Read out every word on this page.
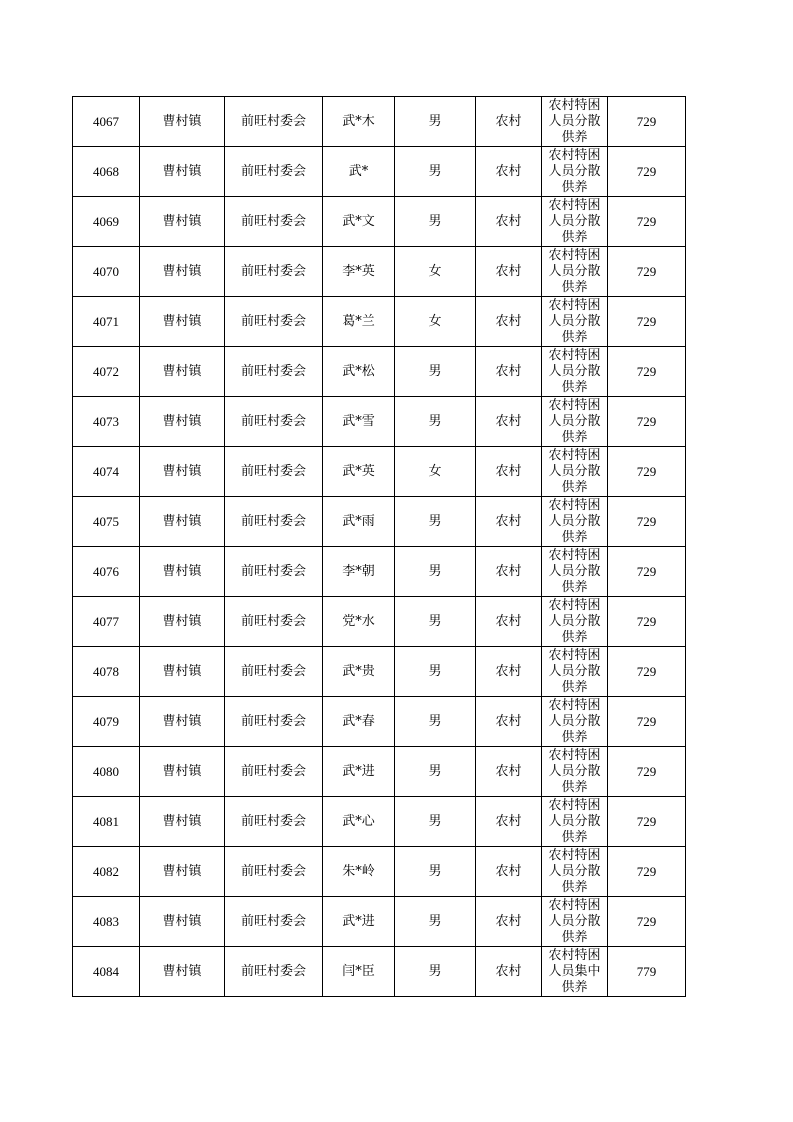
4067	曹村镇	前旺村委会	武*木	男	农村	农村特困人员分散供养	729
4068	曹村镇	前旺村委会	武*	男	农村	农村特困人员分散供养	729
4069	曹村镇	前旺村委会	武*文	男	农村	农村特困人员分散供养	729
4070	曹村镇	前旺村委会	李*英	女	农村	农村特困人员分散供养	729
4071	曹村镇	前旺村委会	葛*兰	女	农村	农村特困人员分散供养	729
4072	曹村镇	前旺村委会	武*松	男	农村	农村特困人员分散供养	729
4073	曹村镇	前旺村委会	武*雪	男	农村	农村特困人员分散供养	729
4074	曹村镇	前旺村委会	武*英	女	农村	农村特困人员分散供养	729
4075	曹村镇	前旺村委会	武*雨	男	农村	农村特困人员分散供养	729
4076	曹村镇	前旺村委会	李*朝	男	农村	农村特困人员分散供养	729
4077	曹村镇	前旺村委会	党*水	男	农村	农村特困人员分散供养	729
4078	曹村镇	前旺村委会	武*贵	男	农村	农村特困人员分散供养	729
4079	曹村镇	前旺村委会	武*春	男	农村	农村特困人员分散供养	729
4080	曹村镇	前旺村委会	武*进	男	农村	农村特困人员分散供养	729
4081	曹村镇	前旺村委会	武*心	男	农村	农村特困人员分散供养	729
4082	曹村镇	前旺村委会	朱*岭	男	农村	农村特困人员分散供养	729
4083	曹村镇	前旺村委会	武*进	男	农村	农村特困人员分散供养	729
4084	曹村镇	前旺村委会	闫*臣	男	农村	农村特困人员集中供养	779
